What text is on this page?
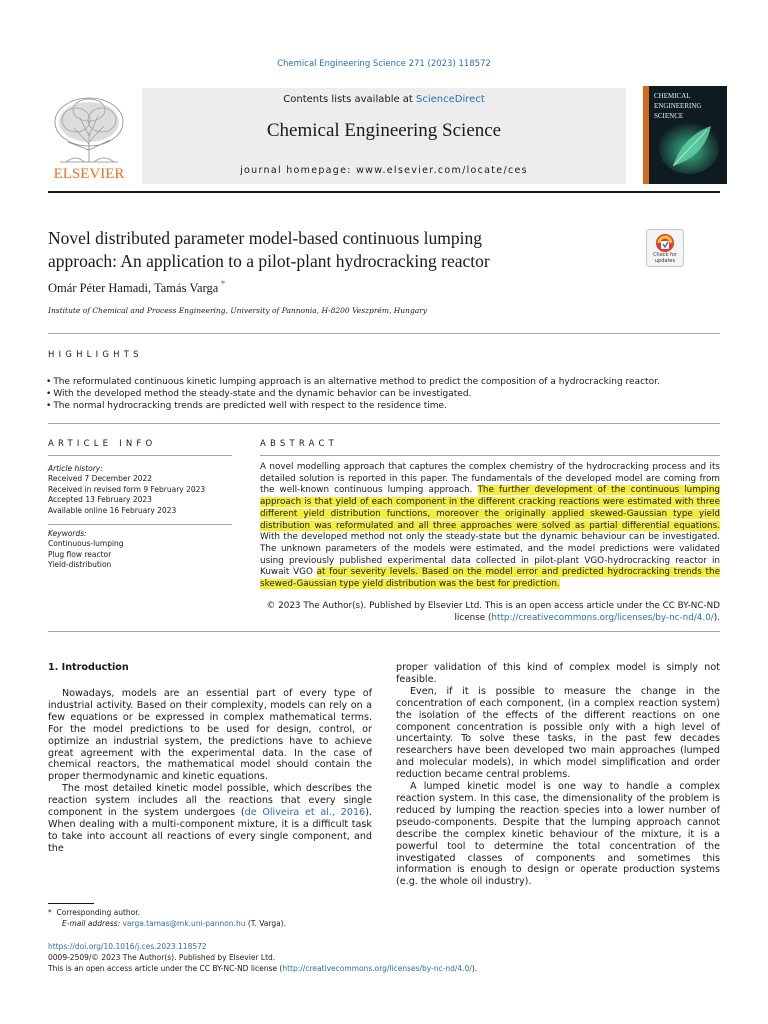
Chemical Engineering Science 271 (2023) 118572
ELSEVIER
Contents lists available at ScienceDirect
Chemical Engineering Science
journal homepage: www.elsevier.com/locate/ces
CHEMICAL
ENGINEERING
SCIENCE
Novel distributed parameter model-based continuous lumping
approach: An application to a pilot-plant hydrocracking reactor	Check for updates
Omár Péter Hamadi, Tamás Varga  *
Institute of Chemical and Process Engineering, University of Pannonia, H-8200 Veszprém, Hungary
HIGHLIGHTS
• The reformulated continuous kinetic lumping approach is an alternative method to predict the composition of a hydrocracking reactor.
• With the developed method the steady-state and the dynamic behavior can be investigated.
• The normal hydrocracking trends are predicted well with respect to the residence time.
ARTICLE INFO
Article history:
Received 7 December 2022
Received in revised form 9 February 2023
Accepted 13 February 2023
Available online 16 February 2023
Keywords:
Continuous-lumping
Plug flow reactor
Yield-distribution
ABSTRACT
A novel modelling approach that captures the complex chemistry of the hydrocracking process and its detailed solution is reported in this paper. The fundamentals of the developed model are coming from the well-known continuous lumping approach. The further development of the continuous lumping approach is that yield of each component in the different cracking reactions were estimated with three different yield distribution functions, moreover the originally applied skewed-Gaussian type yield distribution was reformulated and all three approaches were solved as partial differential equations. With the developed method not only the steady-state but the dynamic behaviour can be investigated. The unknown parameters of the models were estimated, and the model predictions were validated using previously published experimental data collected in pilot-plant VGO-hydrocracking reactor in Kuwait VGO at four severity levels. Based on the model error and predicted hydrocracking trends the skewed-Gaussian type yield distribution was the best for prediction.
© 2023 The Author(s). Published by Elsevier Ltd. This is an open access article under the CC BY-NC-ND
license (http://creativecommons.org/licenses/by-nc-nd/4.0/).
1. Introduction

Nowadays, models are an essential part of every type of industrial activity. Based on their complexity, models can rely on a few equations or be expressed in complex mathematical terms. For the model predictions to be used for design, control, or optimize an industrial system, the predictions have to achieve great agreement with the experimental data. In the case of chemical reactors, the mathematical model should contain the proper thermodynamic and kinetic equations.

The most detailed kinetic model possible, which describes the reaction system includes all the reactions that every single component in the system undergoes (de Oliveira et al., 2016). When dealing with a multi-component mixture, it is a difficult task to take into account all reactions of every single component, and the

proper validation of this kind of complex model is simply not feasible.

Even, if it is possible to measure the change in the concentration of each component, (in a complex reaction system) the isolation of the effects of the different reactions on one component concentration is possible only with a high level of uncertainty. To solve these tasks, in the past few decades researchers have been developed two main approaches (lumped and molecular models), in which model simplification and order reduction became central problems.

A lumped kinetic model is one way to handle a complex reaction system. In this case, the dimensionality of the problem is reduced by lumping the reaction species into a lower number of pseudo-components. Despite that the lumping approach cannot describe the complex kinetic behaviour of the mixture, it is a powerful tool to determine the total concentration of the investigated classes of components and sometimes this information is enough to design or operate production systems (e.g. the whole oil industry).

* Corresponding author.
E-mail address: varga.tamas@mk.uni-pannon.hu (T. Varga).
https://doi.org/10.1016/j.ces.2023.118572
0009-2509/© 2023 The Author(s). Published by Elsevier Ltd.
This is an open access article under the CC BY-NC-ND license (http://creativecommons.org/licenses/by-nc-nd/4.0/).
